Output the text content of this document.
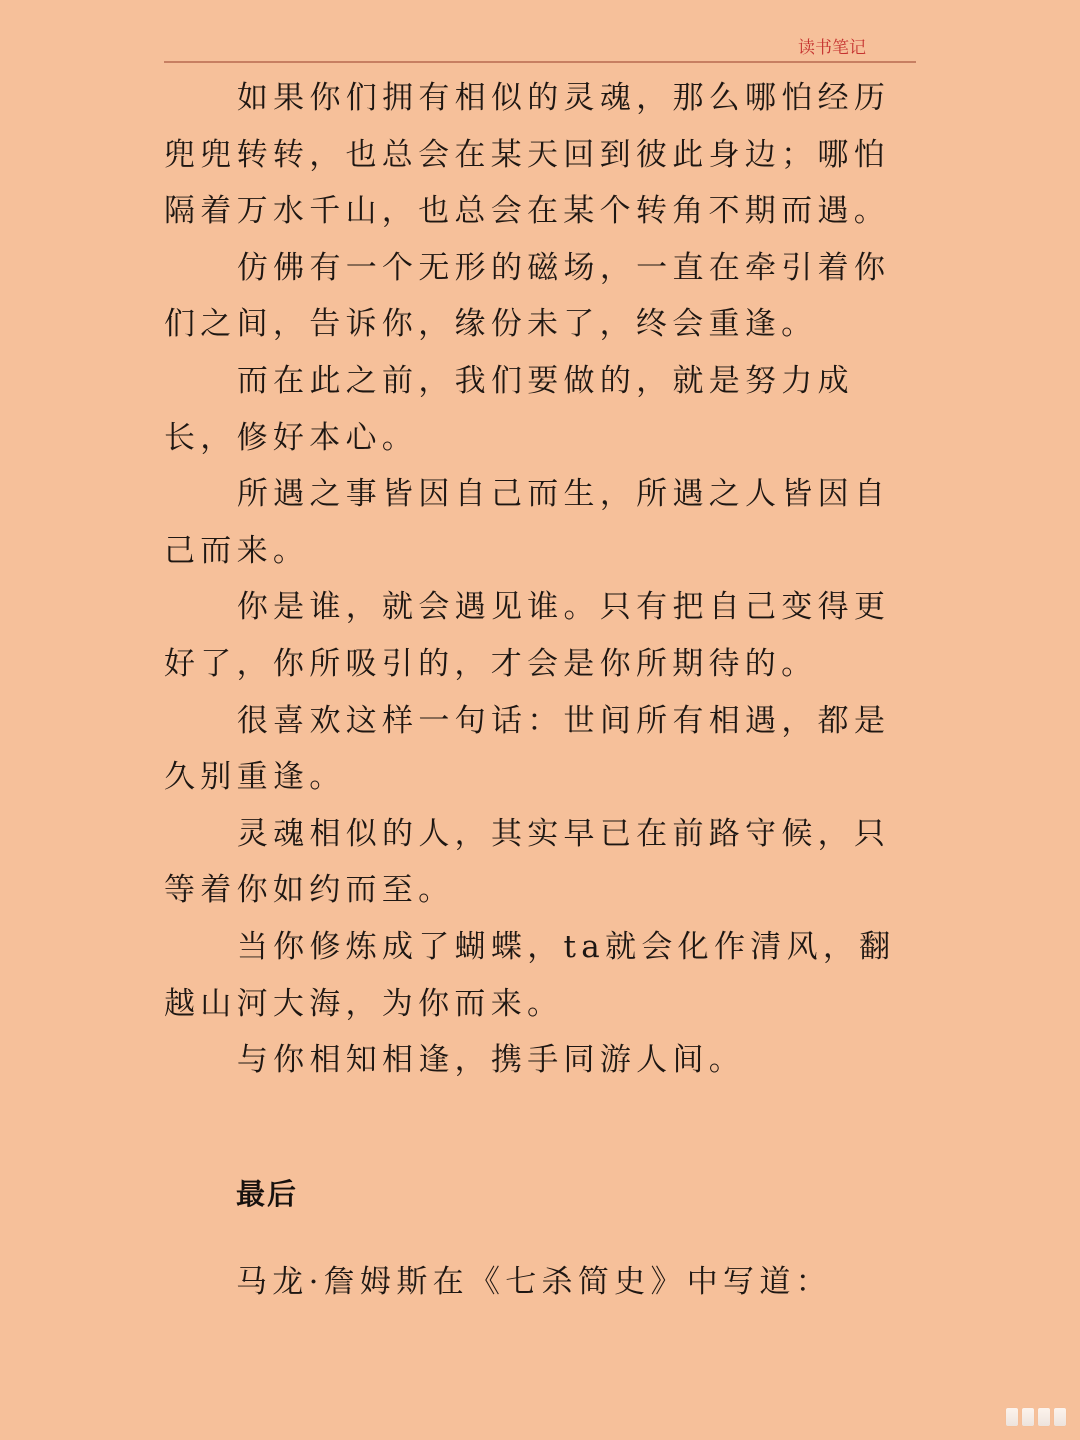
读书笔记

如果你们拥有相似的灵魂，那么哪怕经历兜兜转转，也总会在某天回到彼此身边；哪怕隔着万水千山，也总会在某个转角不期而遇。

仿佛有一个无形的磁场，一直在牵引着你们之间，告诉你，缘份未了，终会重逢。

而在此之前，我们要做的，就是努力成长，修好本心。

所遇之事皆因自己而生，所遇之人皆因自己而来。

你是谁，就会遇见谁。只有把自己变得更好了，你所吸引的，才会是你所期待的。

很喜欢这样一句话：世间所有相遇，都是久别重逢。

灵魂相似的人，其实早已在前路守候，只等着你如约而至。

当你修炼成了蝴蝶，ta就会化作清风，翻越山河大海，为你而来。

与你相知相逢，携手同游人间。

最后
马龙·詹姆斯在《七杀简史》中写道：
